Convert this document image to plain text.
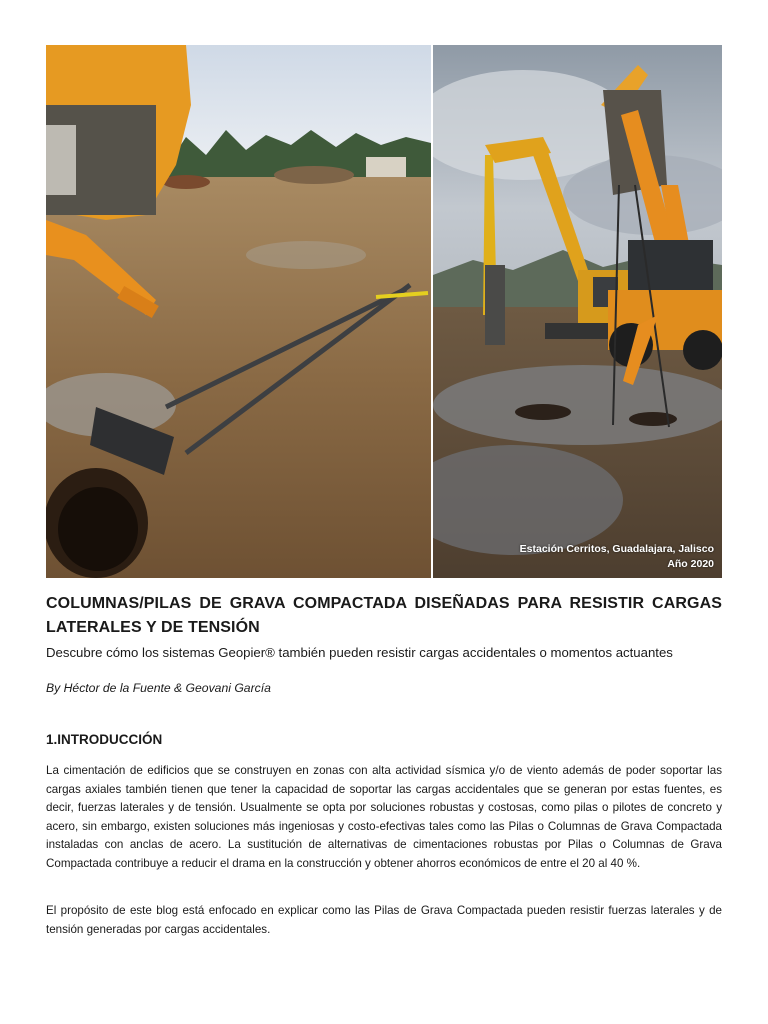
Estación Cerritos, Guadalajara, Jalisco
Año 2020
COLUMNAS/PILAS DE GRAVA COMPACTADA DISEÑADAS PARA RESISTIR CARGAS LATERALES Y DE TENSIÓN

Descubre cómo los sistemas Geopier® también pueden resistir cargas accidentales o momentos actuantes

By Héctor de la Fuente & Geovani García

1.INTRODUCCIÓN

La cimentación de edificios que se construyen en zonas con alta actividad sísmica y/o de viento además de poder soportar las cargas axiales también tienen que tener la capacidad de soportar las cargas accidentales que se generan por estas fuentes, es decir, fuerzas laterales y de tensión. Usualmente se opta por soluciones robustas y costosas, como pilas o pilotes de concreto y acero, sin embargo, existen soluciones más ingeniosas y costo-efectivas tales como las Pilas o Columnas de Grava Compactada instaladas con anclas de acero. La sustitución de alternativas de cimentaciones robustas por Pilas o Columnas de Grava Compactada contribuye a reducir el drama en la construcción y obtener ahorros económicos de entre el 20 al 40 %.

El propósito de este blog está enfocado en explicar como las Pilas de Grava Compactada pueden resistir fuerzas laterales y de tensión generadas por cargas accidentales.
